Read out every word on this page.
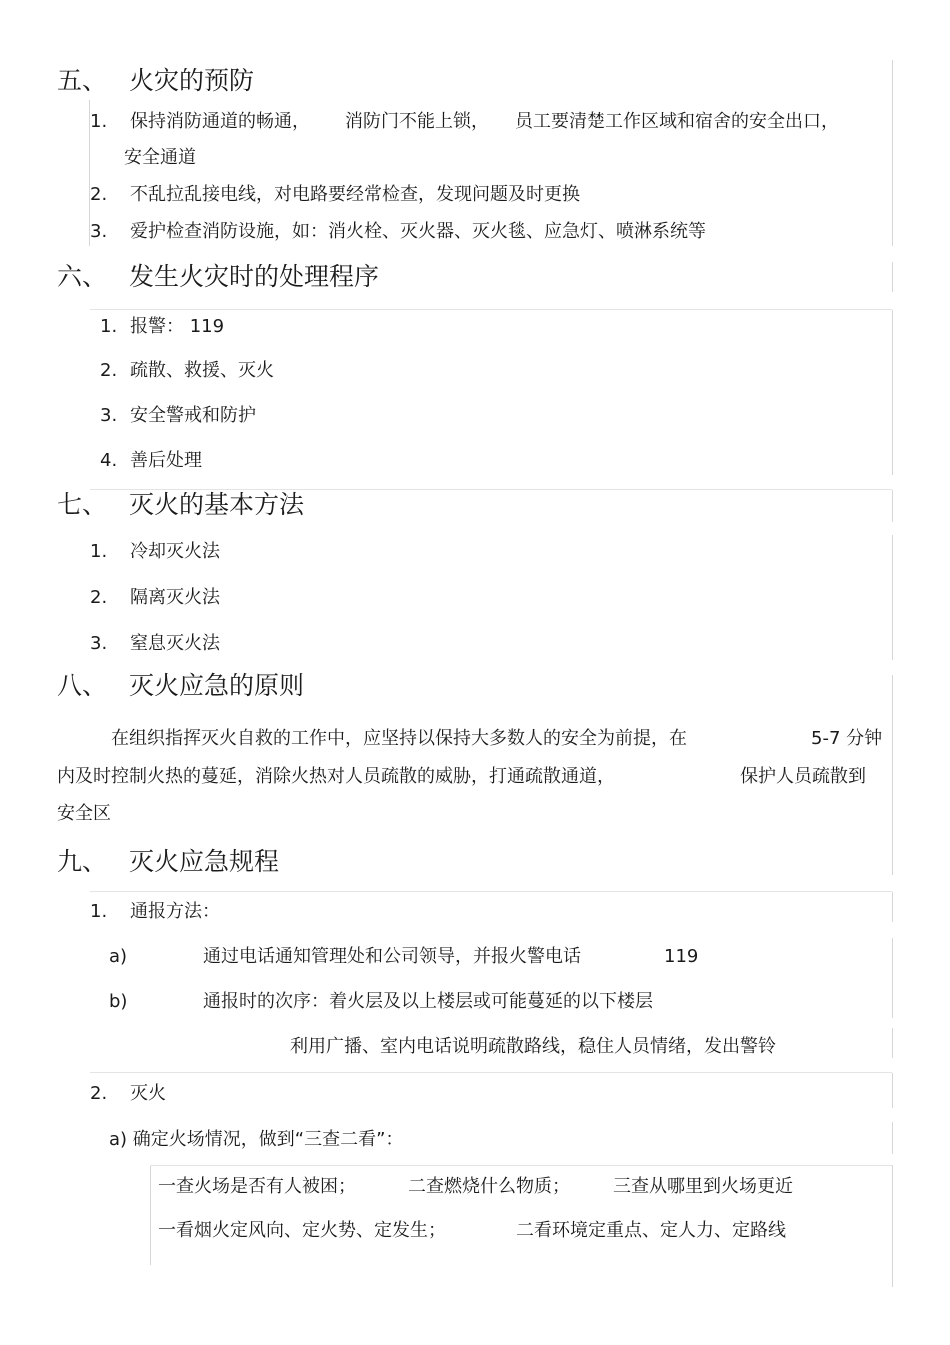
五、 火灾的预防
1. 保持消防通道的畅通， 消防门不能上锁， 员工要清楚工作区域和宿舍的安全出口，
安全通道
2. 不乱拉乱接电线，对电路要经常检查，发现问题及时更换
3. 爱护检查消防设施，如：消火栓、灭火器、灭火毯、应急灯、喷淋系统等
六、 发生火灾时的处理程序
1. 报警： 119
2. 疏散、救援、灭火
3. 安全警戒和防护
4. 善后处理
七、 灭火的基本方法
1. 冷却灭火法
2. 隔离灭火法
3. 窒息灭火法
八、 灭火应急的原则
在组织指挥灭火自救的工作中，应坚持以保持大多数人的安全为前提，在	5-7 分钟
内及时控制火热的蔓延，消除火热对人员疏散的威胁，打通疏散通道，	保护人员疏散到
安全区
九、 灭火应急规程
1. 通报方法：
a)	通过电话通知管理处和公司领导，并报火警电话	119
b)	通报时的次序：着火层及以上楼层或可能蔓延的以下楼层
利用广播、室内电话说明疏散路线，稳住人员情绪，发出警铃
2. 灭火
a) 确定火场情况，做到“三查二看”：
一查火场是否有人被困；	二查燃烧什么物质； 三查从哪里到火场更近
一看烟火定风向、定火势、定发生；	二看环境定重点、定人力、定路线
